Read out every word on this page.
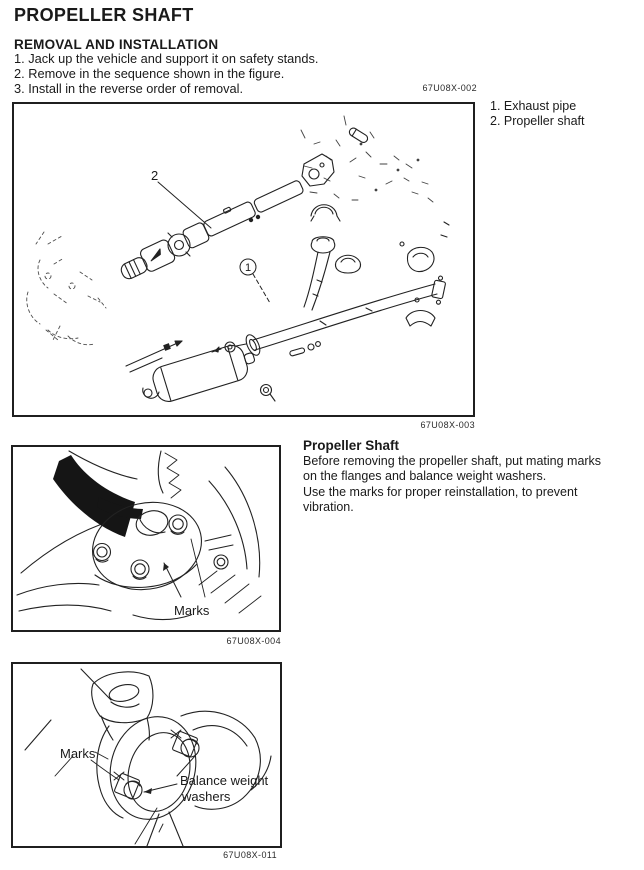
PROPELLER SHAFT
REMOVAL AND INSTALLATION
1. Jack up the vehicle and support it on safety stands.
2. Remove in the sequence shown in the figure.
3. Install in the reverse order of removal.	67U08X-002
2
1
1. Exhaust pipe
2. Propeller shaft
67U08X-003
Marks
67U08X-004
Propeller Shaft
Before removing the propeller shaft, put mating marks
on the flanges and balance weight washers.
Use the marks for proper reinstallation, to prevent
vibration.
Marks
Balance weight
washers
67U08X-011
